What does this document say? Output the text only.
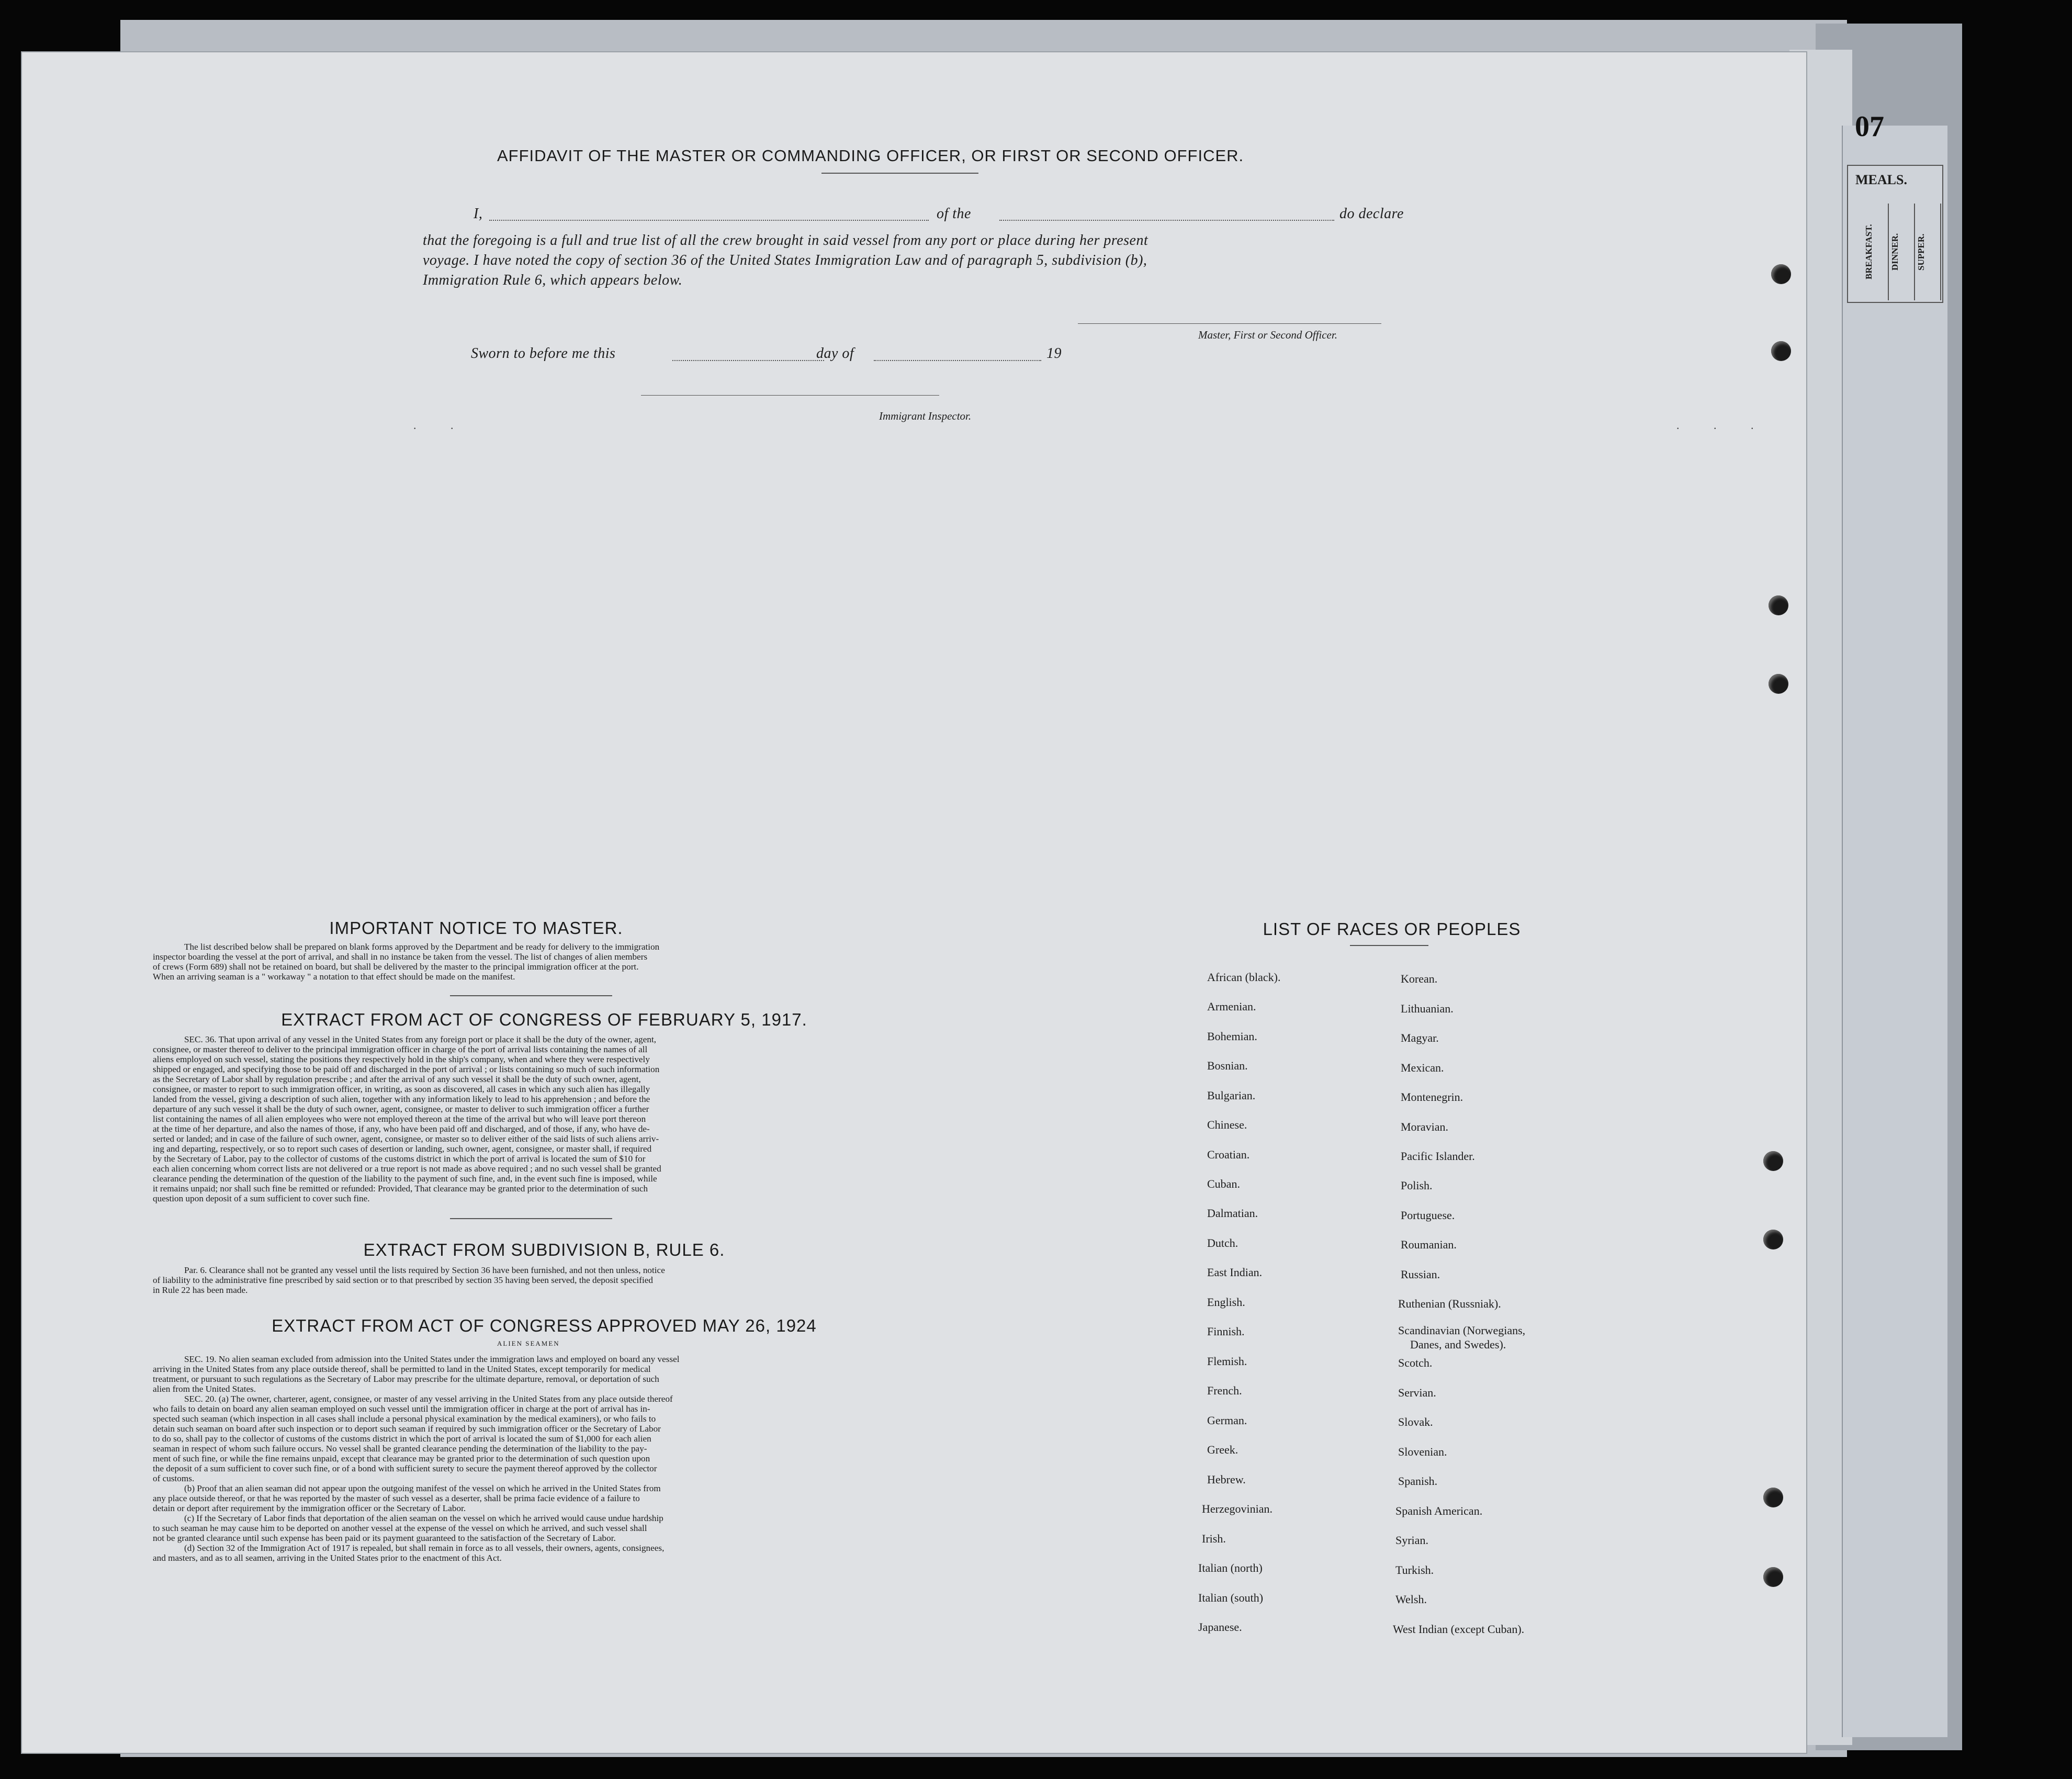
07
MEALS.
BREAKFAST.	DINNER.	SUPPER.
AFFIDAVIT OF THE MASTER OR COMMANDING OFFICER, OR FIRST OR SECOND OFFICER.
I,	of the	do declare
that the foregoing is a full and true list of all the crew brought in said vessel from any port or place during her present
voyage. I have noted the copy of section 36 of the United States Immigration Law and of paragraph 5, subdivision (b),
Immigration Rule 6, which appears below.
Master, First or Second Officer.
Sworn to before me this	day of	19
Immigrant Inspector.
. .                                                                 . . .
IMPORTANT NOTICE TO MASTER.
The list described below shall be prepared on blank forms approved by the Department and be ready for delivery to the immigration
inspector boarding the vessel at the port of arrival, and shall in no instance be taken from the vessel. The list of changes of alien members
of crews (Form 689) shall not be retained on board, but shall be delivered by the master to the principal immigration officer at the port.
When an arriving seaman is a " workaway " a notation to that effect should be made on the manifest.
EXTRACT FROM ACT OF CONGRESS OF FEBRUARY 5, 1917.
SEC. 36. That upon arrival of any vessel in the United States from any foreign port or place it shall be the duty of the owner, agent,
consignee, or master thereof to deliver to the principal immigration officer in charge of the port of arrival lists containing the names of all
aliens employed on such vessel, stating the positions they respectively hold in the ship's company, when and where they were respectively
shipped or engaged, and specifying those to be paid off and discharged in the port of arrival ; or lists containing so much of such information
as the Secretary of Labor shall by regulation prescribe ; and after the arrival of any such vessel it shall be the duty of such owner, agent,
consignee, or master to report to such immigration officer, in writing, as soon as discovered, all cases in which any such alien has illegally
landed from the vessel, giving a description of such alien, together with any information likely to lead to his apprehension ; and before the
departure of any such vessel it shall be the duty of such owner, agent, consignee, or master to deliver to such immigration officer a further
list containing the names of all alien employees who were not employed thereon at the time of the arrival but who will leave port thereon
at the time of her departure, and also the names of those, if any, who have been paid off and discharged, and of those, if any, who have de-
serted or landed; and in case of the failure of such owner, agent, consignee, or master so to deliver either of the said lists of such aliens arriv-
ing and departing, respectively, or so to report such cases of desertion or landing, such owner, agent, consignee, or master shall, if required
by the Secretary of Labor, pay to the collector of customs of the customs district in which the port of arrival is located the sum of $10 for
each alien concerning whom correct lists are not delivered or a true report is not made as above required ; and no such vessel shall be granted
clearance pending the determination of the question of the liability to the payment of such fine, and, in the event such fine is imposed, while
it remains unpaid; nor shall such fine be remitted or refunded: Provided, That clearance may be granted prior to the determination of such
question upon deposit of a sum sufficient to cover such fine.
EXTRACT FROM SUBDIVISION B, RULE 6.
Par. 6. Clearance shall not be granted any vessel until the lists required by Section 36 have been furnished, and not then unless, notice
of liability to the administrative fine prescribed by said section or to that prescribed by section 35 having been served, the deposit specified
in Rule 22 has been made.
EXTRACT FROM ACT OF CONGRESS APPROVED MAY 26, 1924
ALIEN SEAMEN
SEC. 19. No alien seaman excluded from admission into the United States under the immigration laws and employed on board any vessel
arriving in the United States from any place outside thereof, shall be permitted to land in the United States, except temporarily for medical
treatment, or pursuant to such regulations as the Secretary of Labor may prescribe for the ultimate departure, removal, or deportation of such
alien from the United States.
SEC. 20. (a) The owner, charterer, agent, consignee, or master of any vessel arriving in the United States from any place outside thereof
who fails to detain on board any alien seaman employed on such vessel until the immigration officer in charge at the port of arrival has in-
spected such seaman (which inspection in all cases shall include a personal physical examination by the medical examiners), or who fails to
detain such seaman on board after such inspection or to deport such seaman if required by such immigration officer or the Secretary of Labor
to do so, shall pay to the collector of customs of the customs district in which the port of arrival is located the sum of $1,000 for each alien
seaman in respect of whom such failure occurs. No vessel shall be granted clearance pending the determination of the liability to the pay-
ment of such fine, or while the fine remains unpaid, except that clearance may be granted prior to the determination of such question upon
the deposit of a sum sufficient to cover such fine, or of a bond with sufficient surety to secure the payment thereof approved by the collector
of customs.
(b) Proof that an alien seaman did not appear upon the outgoing manifest of the vessel on which he arrived in the United States from
any place outside thereof, or that he was reported by the master of such vessel as a deserter, shall be prima facie evidence of a failure to
detain or deport after requirement by the immigration officer or the Secretary of Labor.
(c) If the Secretary of Labor finds that deportation of the alien seaman on the vessel on which he arrived would cause undue hardship
to such seaman he may cause him to be deported on another vessel at the expense of the vessel on which he arrived, and such vessel shall
not be granted clearance until such expense has been paid or its payment guaranteed to the satisfaction of the Secretary of Labor.
(d) Section 32 of the Immigration Act of 1917 is repealed, but shall remain in force as to all vessels, their owners, agents, consignees,
and masters, and as to all seamen, arriving in the United States prior to the enactment of this Act.
LIST OF RACES OR PEOPLES
African (black).
Armenian.
Bohemian.
Bosnian.
Bulgarian.
Chinese.
Croatian.
Cuban.
Dalmatian.
Dutch.
East Indian.
English.
Finnish.
Flemish.
French.
German.
Greek.
Hebrew.
Herzegovinian.
Irish.
Italian (north)
Italian (south)
Japanese.
Korean.
Lithuanian.
Magyar.
Mexican.
Montenegrin.
Moravian.
Pacific Islander.
Polish.
Portuguese.
Roumanian.
Russian.
Ruthenian (Russniak).
Scandinavian (Norwegians,
Danes, and Swedes).
Scotch.
Servian.
Slovak.
Slovenian.
Spanish.
Spanish American.
Syrian.
Turkish.
Welsh.
West Indian (except Cuban).
